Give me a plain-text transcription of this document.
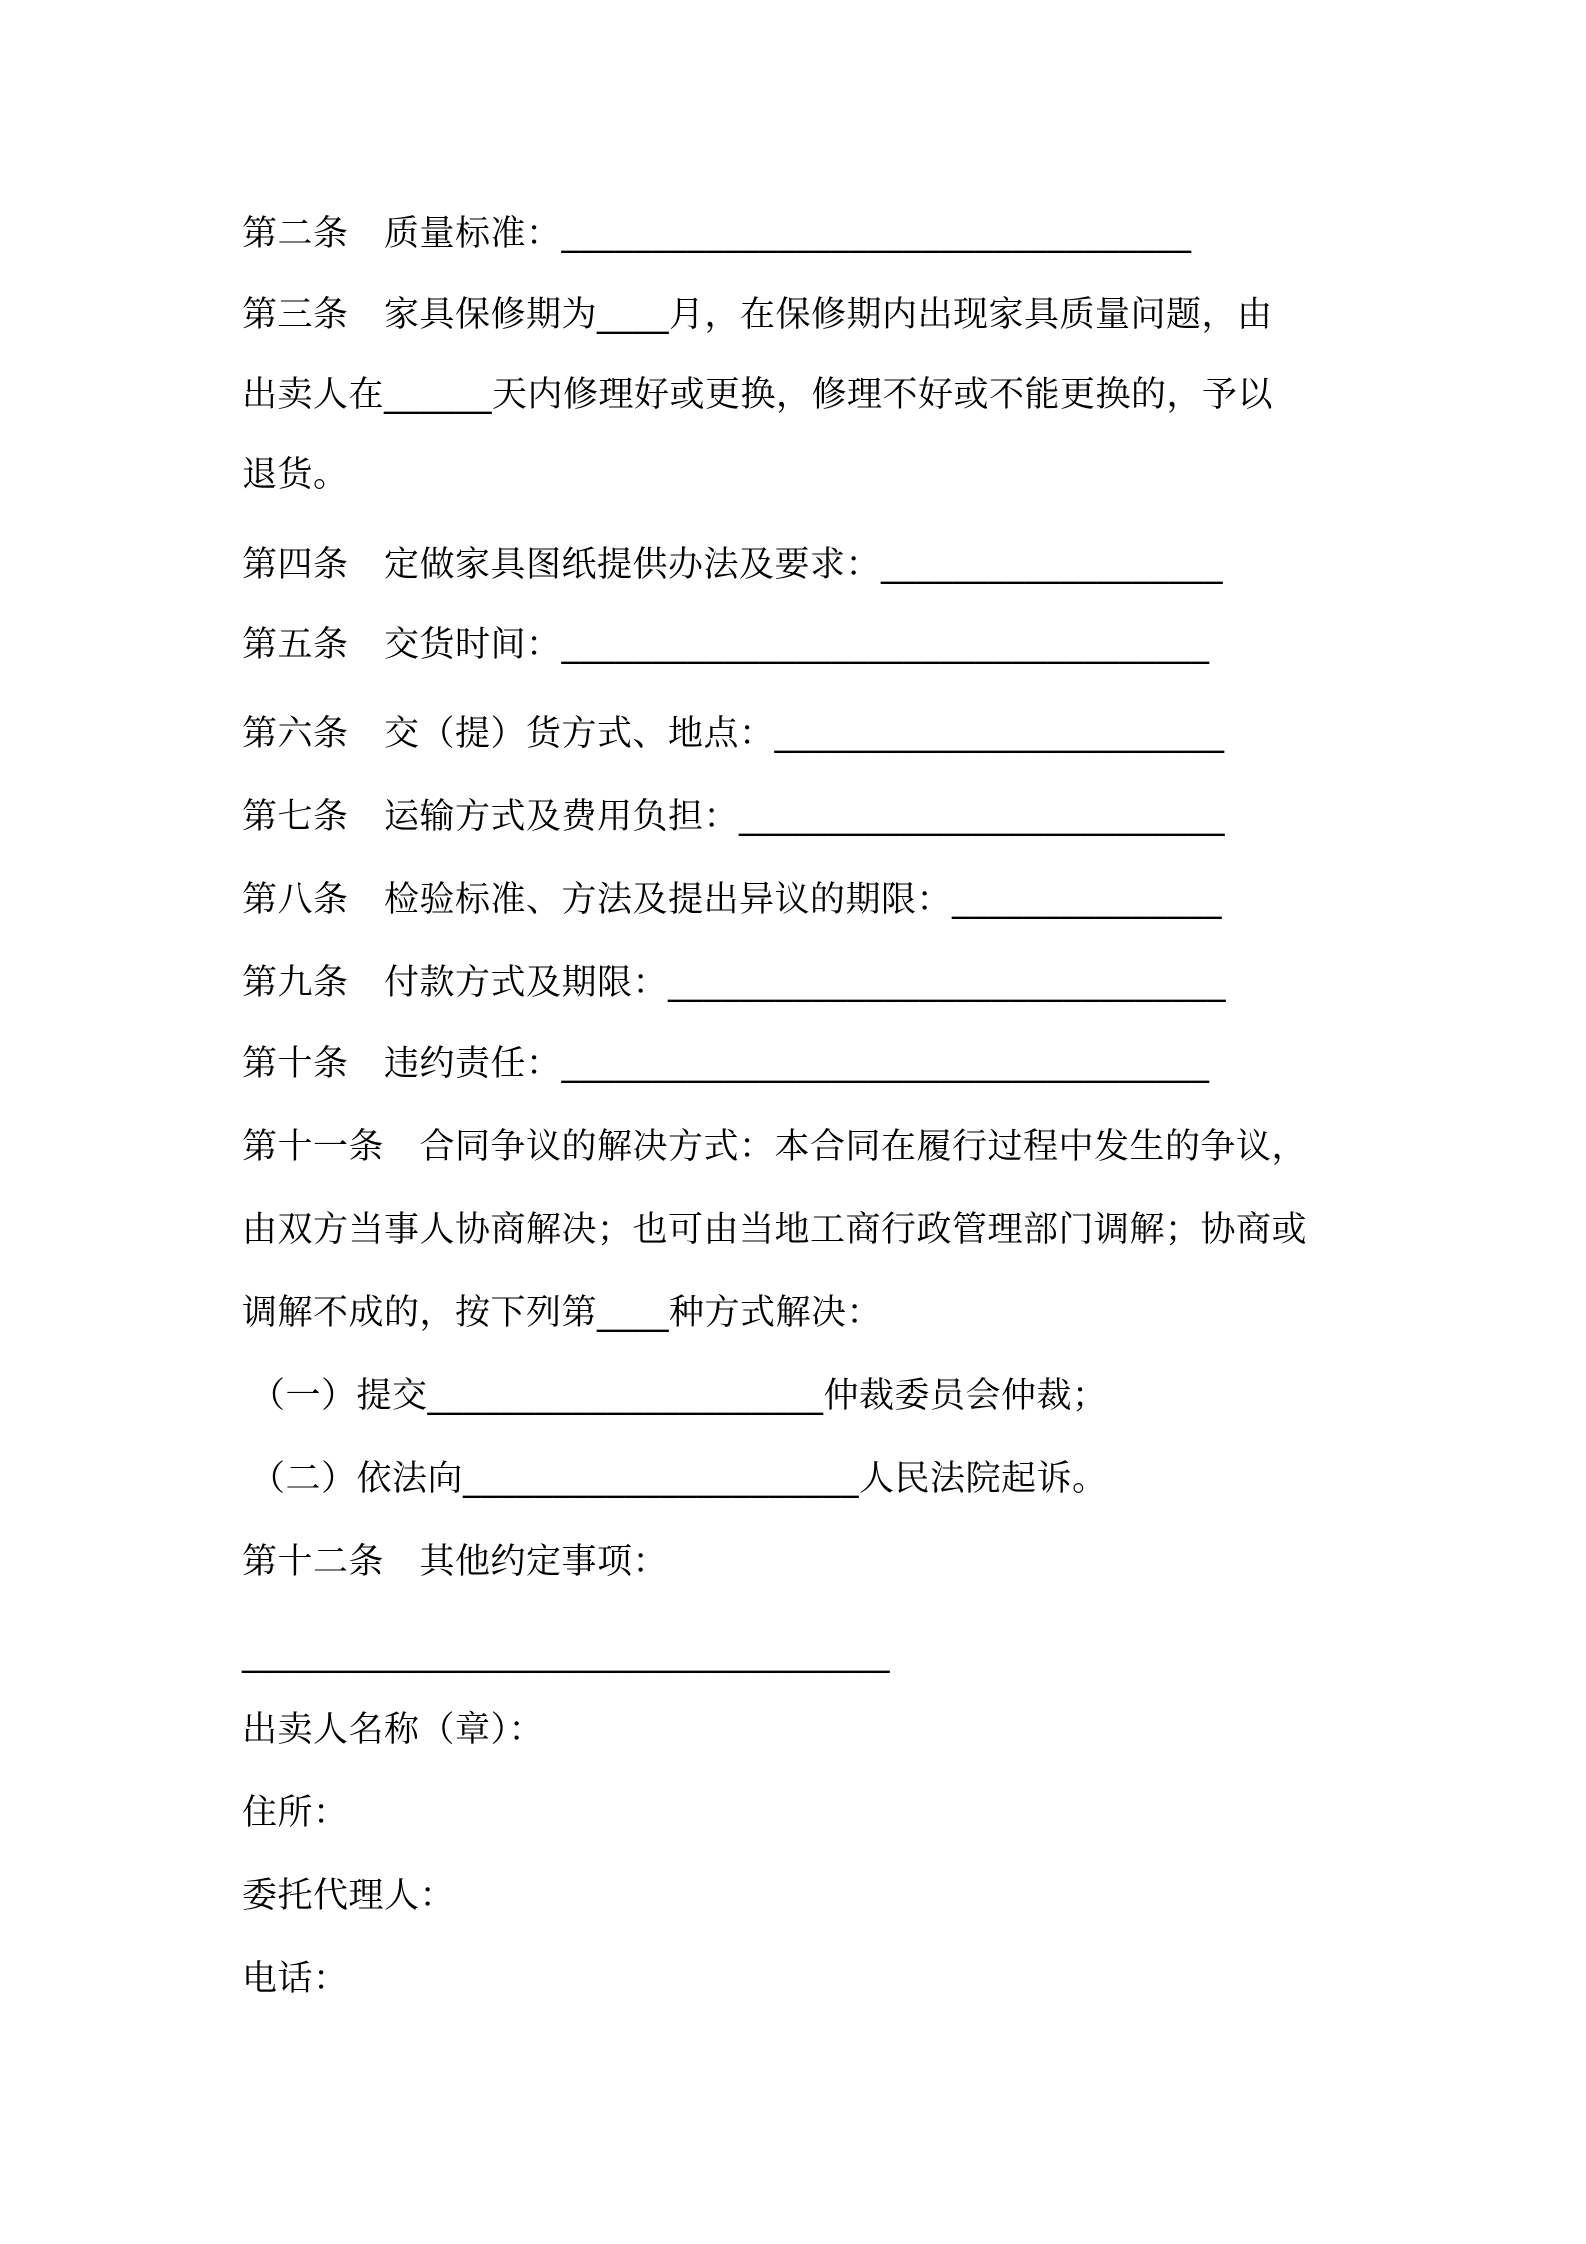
第二条　质量标准：___________________________________
第三条　家具保修期为____月，在保修期内出现家具质量问题，由
出卖人在______天内修理好或更换，修理不好或不能更换的，予以
退货。
第四条　定做家具图纸提供办法及要求：___________________
第五条　交货时间：____________________________________
第六条　交（提）货方式、地点：_________________________
第七条　运输方式及费用负担：___________________________
第八条　检验标准、方法及提出异议的期限：_______________
第九条　付款方式及期限：_______________________________
第十条　违约责任：____________________________________
第十一条　合同争议的解决方式：本合同在履行过程中发生的争议，
由双方当事人协商解决；也可由当地工商行政管理部门调解；协商或
调解不成的，按下列第____种方式解决：
（一）提交______________________仲裁委员会仲裁；
（二）依法向______________________人民法院起诉。
第十二条　其他约定事项：
____________________________________
出卖人名称（章）：
住所：
委托代理人：
电话：
